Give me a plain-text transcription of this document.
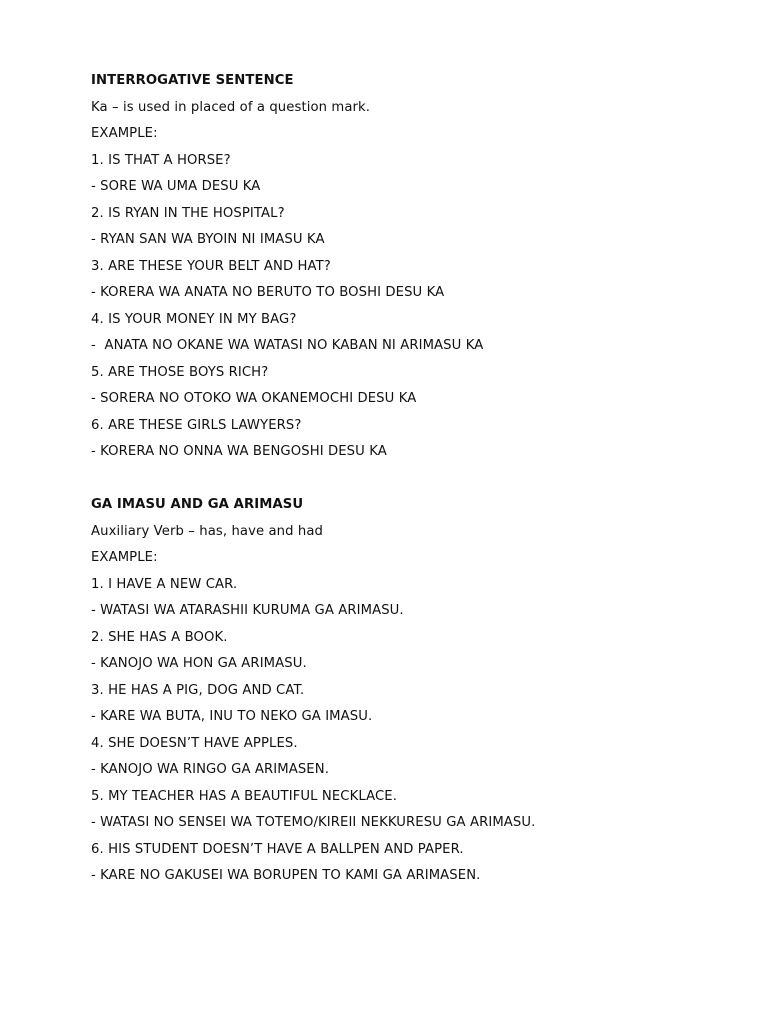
INTERROGATIVE SENTENCE
Ka – is used in placed of a question mark.
EXAMPLE:
1. IS THAT A HORSE?
- SORE WA UMA DESU KA
2. IS RYAN IN THE HOSPITAL?
- RYAN SAN WA BYOIN NI IMASU KA
3. ARE THESE YOUR BELT AND HAT?
- KORERA WA ANATA NO BERUTO TO BOSHI DESU KA
4. IS YOUR MONEY IN MY BAG?
-  ANATA NO OKANE WA WATASI NO KABAN NI ARIMASU KA
5. ARE THOSE BOYS RICH?
- SORERA NO OTOKO WA OKANEMOCHI DESU KA
6. ARE THESE GIRLS LAWYERS?
- KORERA NO ONNA WA BENGOSHI DESU KA
GA IMASU AND GA ARIMASU
Auxiliary Verb – has, have and had
EXAMPLE:
1. I HAVE A NEW CAR.
- WATASI WA ATARASHII KURUMA GA ARIMASU.
2. SHE HAS A BOOK.
- KANOJO WA HON GA ARIMASU.
3. HE HAS A PIG, DOG AND CAT.
- KARE WA BUTA, INU TO NEKO GA IMASU.
4. SHE DOESN’T HAVE APPLES.
- KANOJO WA RINGO GA ARIMASEN.
5. MY TEACHER HAS A BEAUTIFUL NECKLACE.
- WATASI NO SENSEI WA TOTEMO/KIREII NEKKURESU GA ARIMASU.
6. HIS STUDENT DOESN’T HAVE A BALLPEN AND PAPER.
- KARE NO GAKUSEI WA BORUPEN TO KAMI GA ARIMASEN.
